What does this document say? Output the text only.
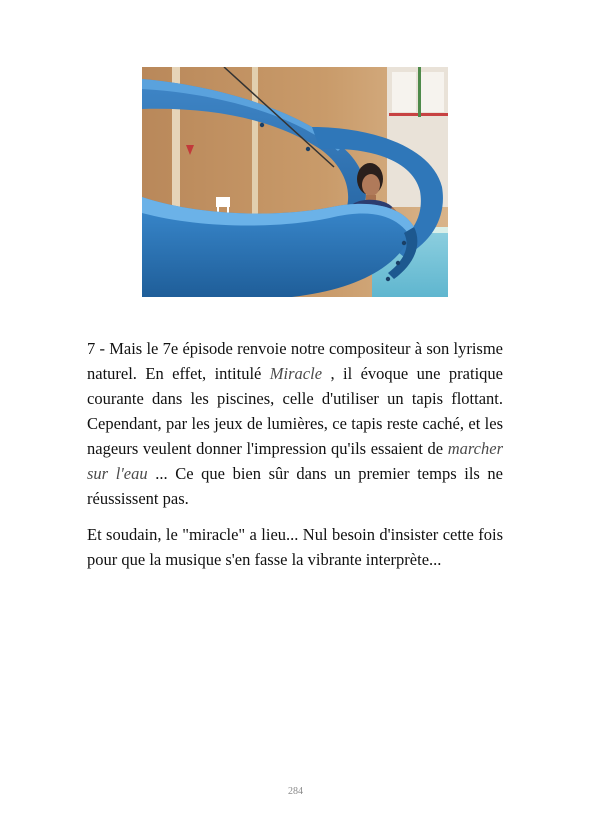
7 - Mais le 7e épisode renvoie notre compositeur à son lyrisme naturel. En effet, intitulé Miracle , il évoque une pratique courante dans les piscines, celle d'utiliser un tapis flottant. Cependant, par les jeux de lumières, ce tapis reste caché, et les nageurs veulent donner l'impression qu'ils essaient de marcher sur l'eau ... Ce que bien sûr dans un premier temps ils ne réussissent pas.

Et soudain, le "miracle" a lieu... Nul besoin d'insister cette fois pour que la musique s'en fasse la vibrante interprète...

284
